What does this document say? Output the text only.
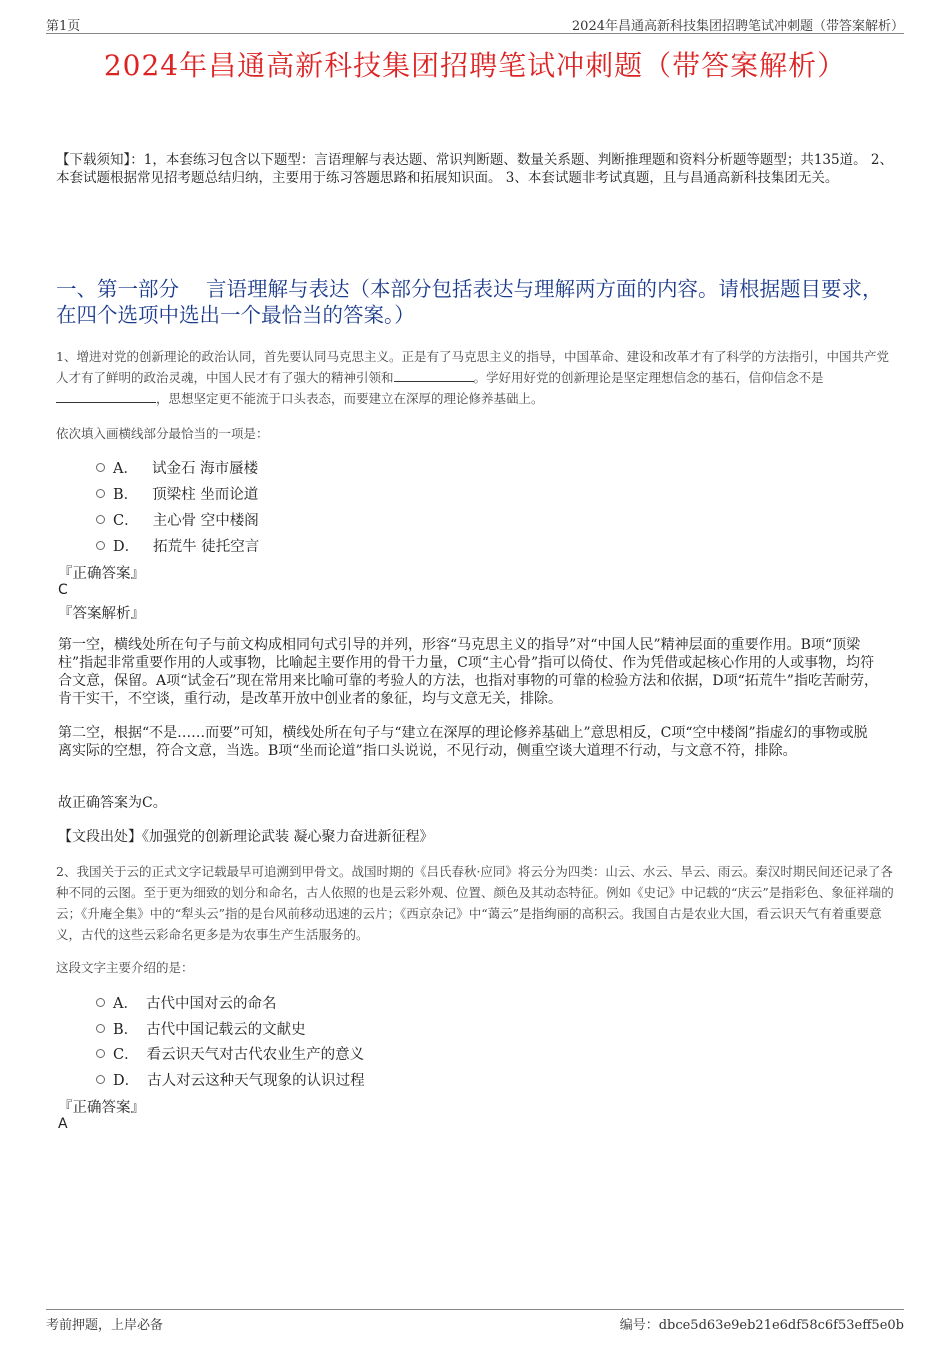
第1页	2024年昌通高新科技集团招聘笔试冲刺题（带答案解析）
2024年昌通高新科技集团招聘笔试冲刺题（带答案解析）
【下载须知】：1，本套练习包含以下题型：言语理解与表达题、常识判断题、数量关系题、判断推理题和资料分析题等题型；共135道。 2、本套试题根据常见招考题总结归纳，主要用于练习答题思路和拓展知识面。 3、本套试题非考试真题，且与昌通高新科技集团无关。
一、第一部分　 言语理解与表达（本部分包括表达与理解两方面的内容。请根据题目要求，在四个选项中选出一个最恰当的答案。）
1、增进对党的创新理论的政治认同，首先要认同马克思主义。正是有了马克思主义的指导，中国革命、建设和改革才有了科学的方法指引，中国共产党人才有了鲜明的政治灵魂，中国人民才有了强大的精神引领和	。学好用好党的创新理论是坚定理想信念的基石，信仰信念不是，思想坚定更不能流于口头表态，而要建立在深厚的理论修养基础上。
依次填入画横线部分最恰当的一项是：
A． 试金石 海市蜃楼
B． 顶梁柱 坐而论道
C． 主心骨 空中楼阁
D． 拓荒牛 徒托空言
『正确答案』
C
『答案解析』
第一空，横线处所在句子与前文构成相同句式引导的并列，形容“马克思主义的指导”对“中国人民”精神层面的重要作用。B项“顶梁柱”指起非常重要作用的人或事物，比喻起主要作用的骨干力量，C项“主心骨”指可以倚仗、作为凭借或起核心作用的人或事物，均符合文意，保留。A项“试金石”现在常用来比喻可靠的考验人的方法，也指对事物的可靠的检验方法和依据，D项“拓荒牛”指吃苦耐劳，肯干实干，不空谈，重行动，是改革开放中创业者的象征，均与文意无关，排除。
第二空，根据“不是……而要”可知，横线处所在句子与“建立在深厚的理论修养基础上”意思相反，C项“空中楼阁”指虚幻的事物或脱离实际的空想，符合文意，当选。B项“坐而论道”指口头说说，不见行动，侧重空谈大道理不行动，与文意不符，排除。
故正确答案为C。
【文段出处】《加强党的创新理论武装 凝心聚力奋进新征程》
2、我国关于云的正式文字记载最早可追溯到甲骨文。战国时期的《吕氏春秋·应同》将云分为四类：山云、水云、旱云、雨云。秦汉时期民间还记录了各种不同的云图。至于更为细致的划分和命名，古人依照的也是云彩外观、位置、颜色及其动态特征。例如《史记》中记载的“庆云”是指彩色、象征祥瑞的云；《升庵全集》中的“犁头云”指的是台风前移动迅速的云片；《西京杂记》中“蔼云”是指绚丽的高积云。我国自古是农业大国，看云识天气有着重要意义，古代的这些云彩命名更多是为农事生产生活服务的。
这段文字主要介绍的是：
A． 古代中国对云的命名
B． 古代中国记载云的文献史
C． 看云识天气对古代农业生产的意义
D． 古人对云这种天气现象的认识过程
『正确答案』
A
考前押题，上岸必备	编号：dbce5d63e9eb21e6df58c6f53eff5e0b
